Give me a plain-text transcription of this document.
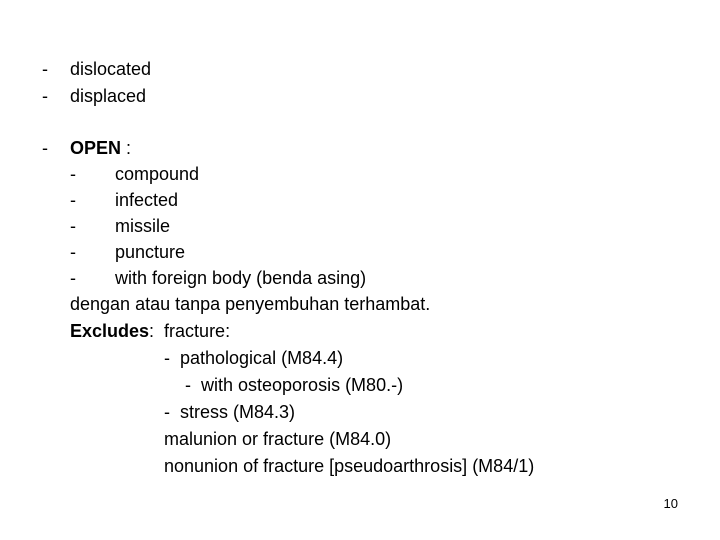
- dislocated
- displaced
- OPEN :
- compound
- infected
- missile
- puncture
- with foreign body (benda asing)
dengan atau tanpa penyembuhan terhambat.
Excludes:  fracture:
-  pathological (M84.4)
-  with osteoporosis (M80.-)
-  stress (M84.3)
malunion or fracture (M84.0)
nonunion of fracture [pseudoarthrosis] (M84/1)
10
